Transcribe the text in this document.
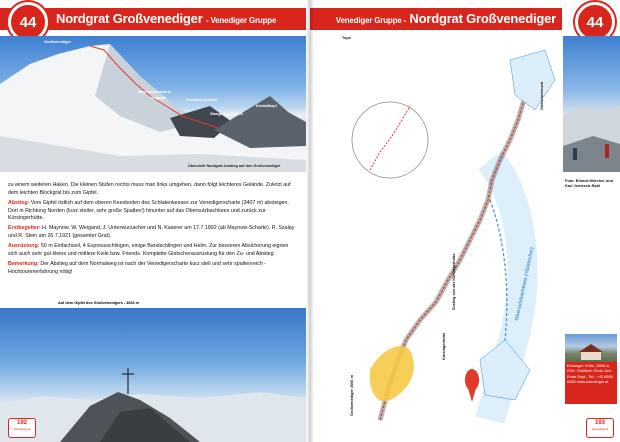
Nordgrat Großvenediger - Venediger Gruppe
44
Großvenediger
Mayroseckscharte
Vorgipfel	Kuchlkar-Scharte
Stange ca. 2990 m
Kristallkopf
Übersicht Nordgrat-Anstieg auf den Großvenediger

zu einem weiteren Haken. Die kleinen Stufen rechts muss man links umgehen, dann folgt leichteres Gelände. Zuletzt auf dem leichten Blockgrat bis zum Gipfel.

Abstieg: Vom Gipfel östlich auf dem oberen Keesboden des Schlatenkeeses zur Venedigerscharte (3407 m) absteigen. Dort in Richtung Norden (kurz steiler, sehr große Spalten!) hinunter auf das Obersulzbachkees und zurück zur Kürsingerhütte.

Erstbegeher: H. Maynow, W. Weigand, J. Unterwurzacher und N. Kaserer am 17.7.1892 (ab Maynow-Scharte). R. Szalay und R. Stein am 26.7.1921 (gesamter Grat).

Ausrüstung: 50 m Einfachseil, 4 Expressschlingen, einige Bandschlingen und Helm. Zur besseren Absicherung eignen sich auch sehr gut kleine und mittlere Keile bzw. Friends. Komplette Gletscherausrüstung für den Zu- und Abstieg.

Bemerkung: Der Abstieg auf dem Normalweg ist nach der Venedigerscharte kurz steil und sehr spaltenreich - Hochtourenerfahrung nötig!

Auf dem Gipfel des Großvenedigers - 3666 m
192
alpinverlag.at
Venediger Gruppe - Nordgrat Großvenediger	44
Topo
Obersulzbachkees (=Gletscher)
Gletscherbruch
Großvenediger 3666 m
Kürsingerhütte
Zustieg von der Kürsingerhütte
Foto: Erhard Mörcher und Karl Jentzsch-Rabl
Kürsinger Hütte, 2558 m, ÖAV. Geöffnet: Ende Juni - Ende Sept., Tel.: +43 6565 6450 www.kuersinger.at
193
alpinverlag.at
